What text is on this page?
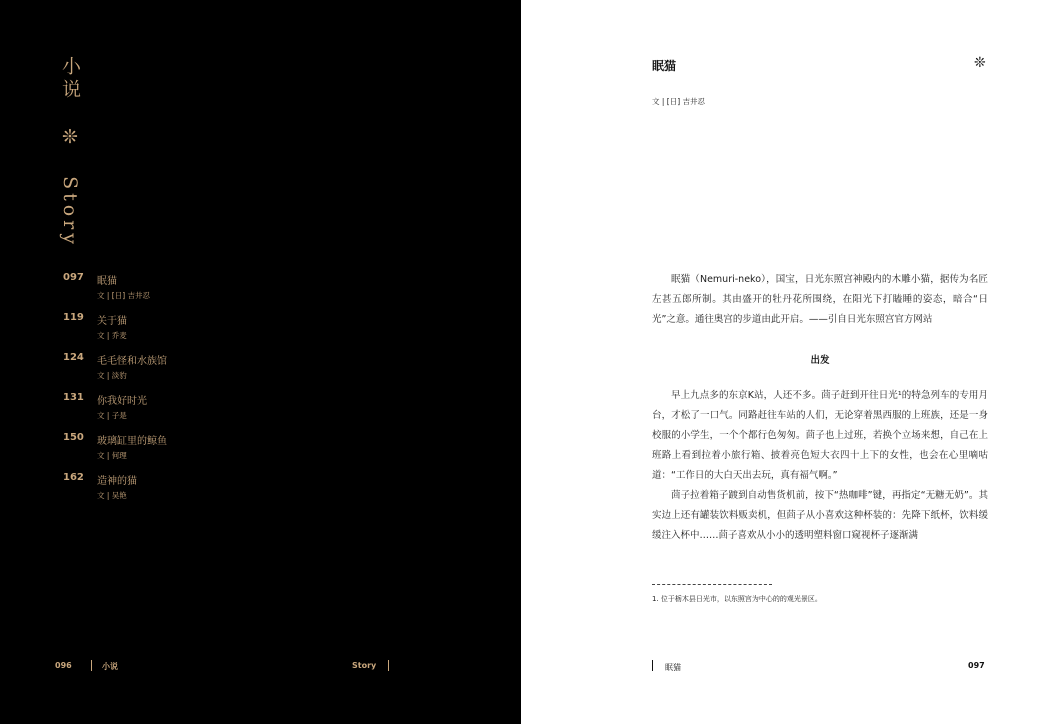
小说 ❊ Story
097 眠猫
文 | [日] 吉井忍
119 关于猫
文 | 乔麦
124 毛毛怪和水族馆
文 | 淡豹
131 你我好时光
文 | 子是
150 玻璃缸里的鲸鱼
文 | 何理
162 造神的猫
文 | 吴艳
096	小说	Story
眠猫	❊
文 | [日] 吉井忍

眠猫（Nemuri-neko），国宝，日光东照宫神殿内的木雕小猫，据传为名匠左甚五郎所制。其由盛开的牡丹花所围绕，在阳光下打瞌睡的姿态，暗合“日光”之意。通往奥宫的步道由此开启。——引自日光东照宫官方网站

出发

早上九点多的东京K站，人还不多。茴子赶到开往日光¹的特急列车的专用月台，才松了一口气。同路赶往车站的人们，无论穿着黑西服的上班族，还是一身校服的小学生，一个个都行色匆匆。茴子也上过班，若换个立场来想，自己在上班路上看到拉着小旅行箱、披着亮色短大衣四十上下的女性，也会在心里嘀咕道：“工作日的大白天出去玩，真有福气啊。”

茴子拉着箱子踱到自动售货机前，按下“热咖啡”键，再指定“无糖无奶”。其实边上还有罐装饮料贩卖机，但茴子从小喜欢这种杯装的：先降下纸杯，饮料缓缓注入杯中……茴子喜欢从小小的透明塑料窗口窥视杯子逐渐满

1. 位于栃木县日光市，以东照宫为中心的的观光景区。
眠猫	097
